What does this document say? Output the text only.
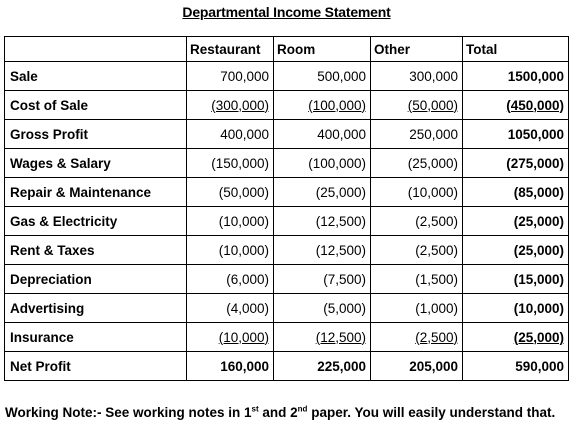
Departmental Income Statement
	Restaurant	Room	Other	Total
Sale	700,000	500,000	300,000	1500,000
Cost of Sale	(300,000)	(100,000)	(50,000)	(450,000)
Gross Profit	400,000	400,000	250,000	1050,000
Wages & Salary	(150,000)	(100,000)	(25,000)	(275,000)
Repair & Maintenance	(50,000)	(25,000)	(10,000)	(85,000)
Gas & Electricity	(10,000)	(12,500)	(2,500)	(25,000)
Rent & Taxes	(10,000)	(12,500)	(2,500)	(25,000)
Depreciation	(6,000)	(7,500)	(1,500)	(15,000)
Advertising	(4,000)	(5,000)	(1,000)	(10,000)
Insurance	(10,000)	(12,500)	(2,500)	(25,000)
Net Profit	160,000	225,000	205,000	590,000
Working Note:- See working notes in 1st and 2nd paper. You will easily understand that.
